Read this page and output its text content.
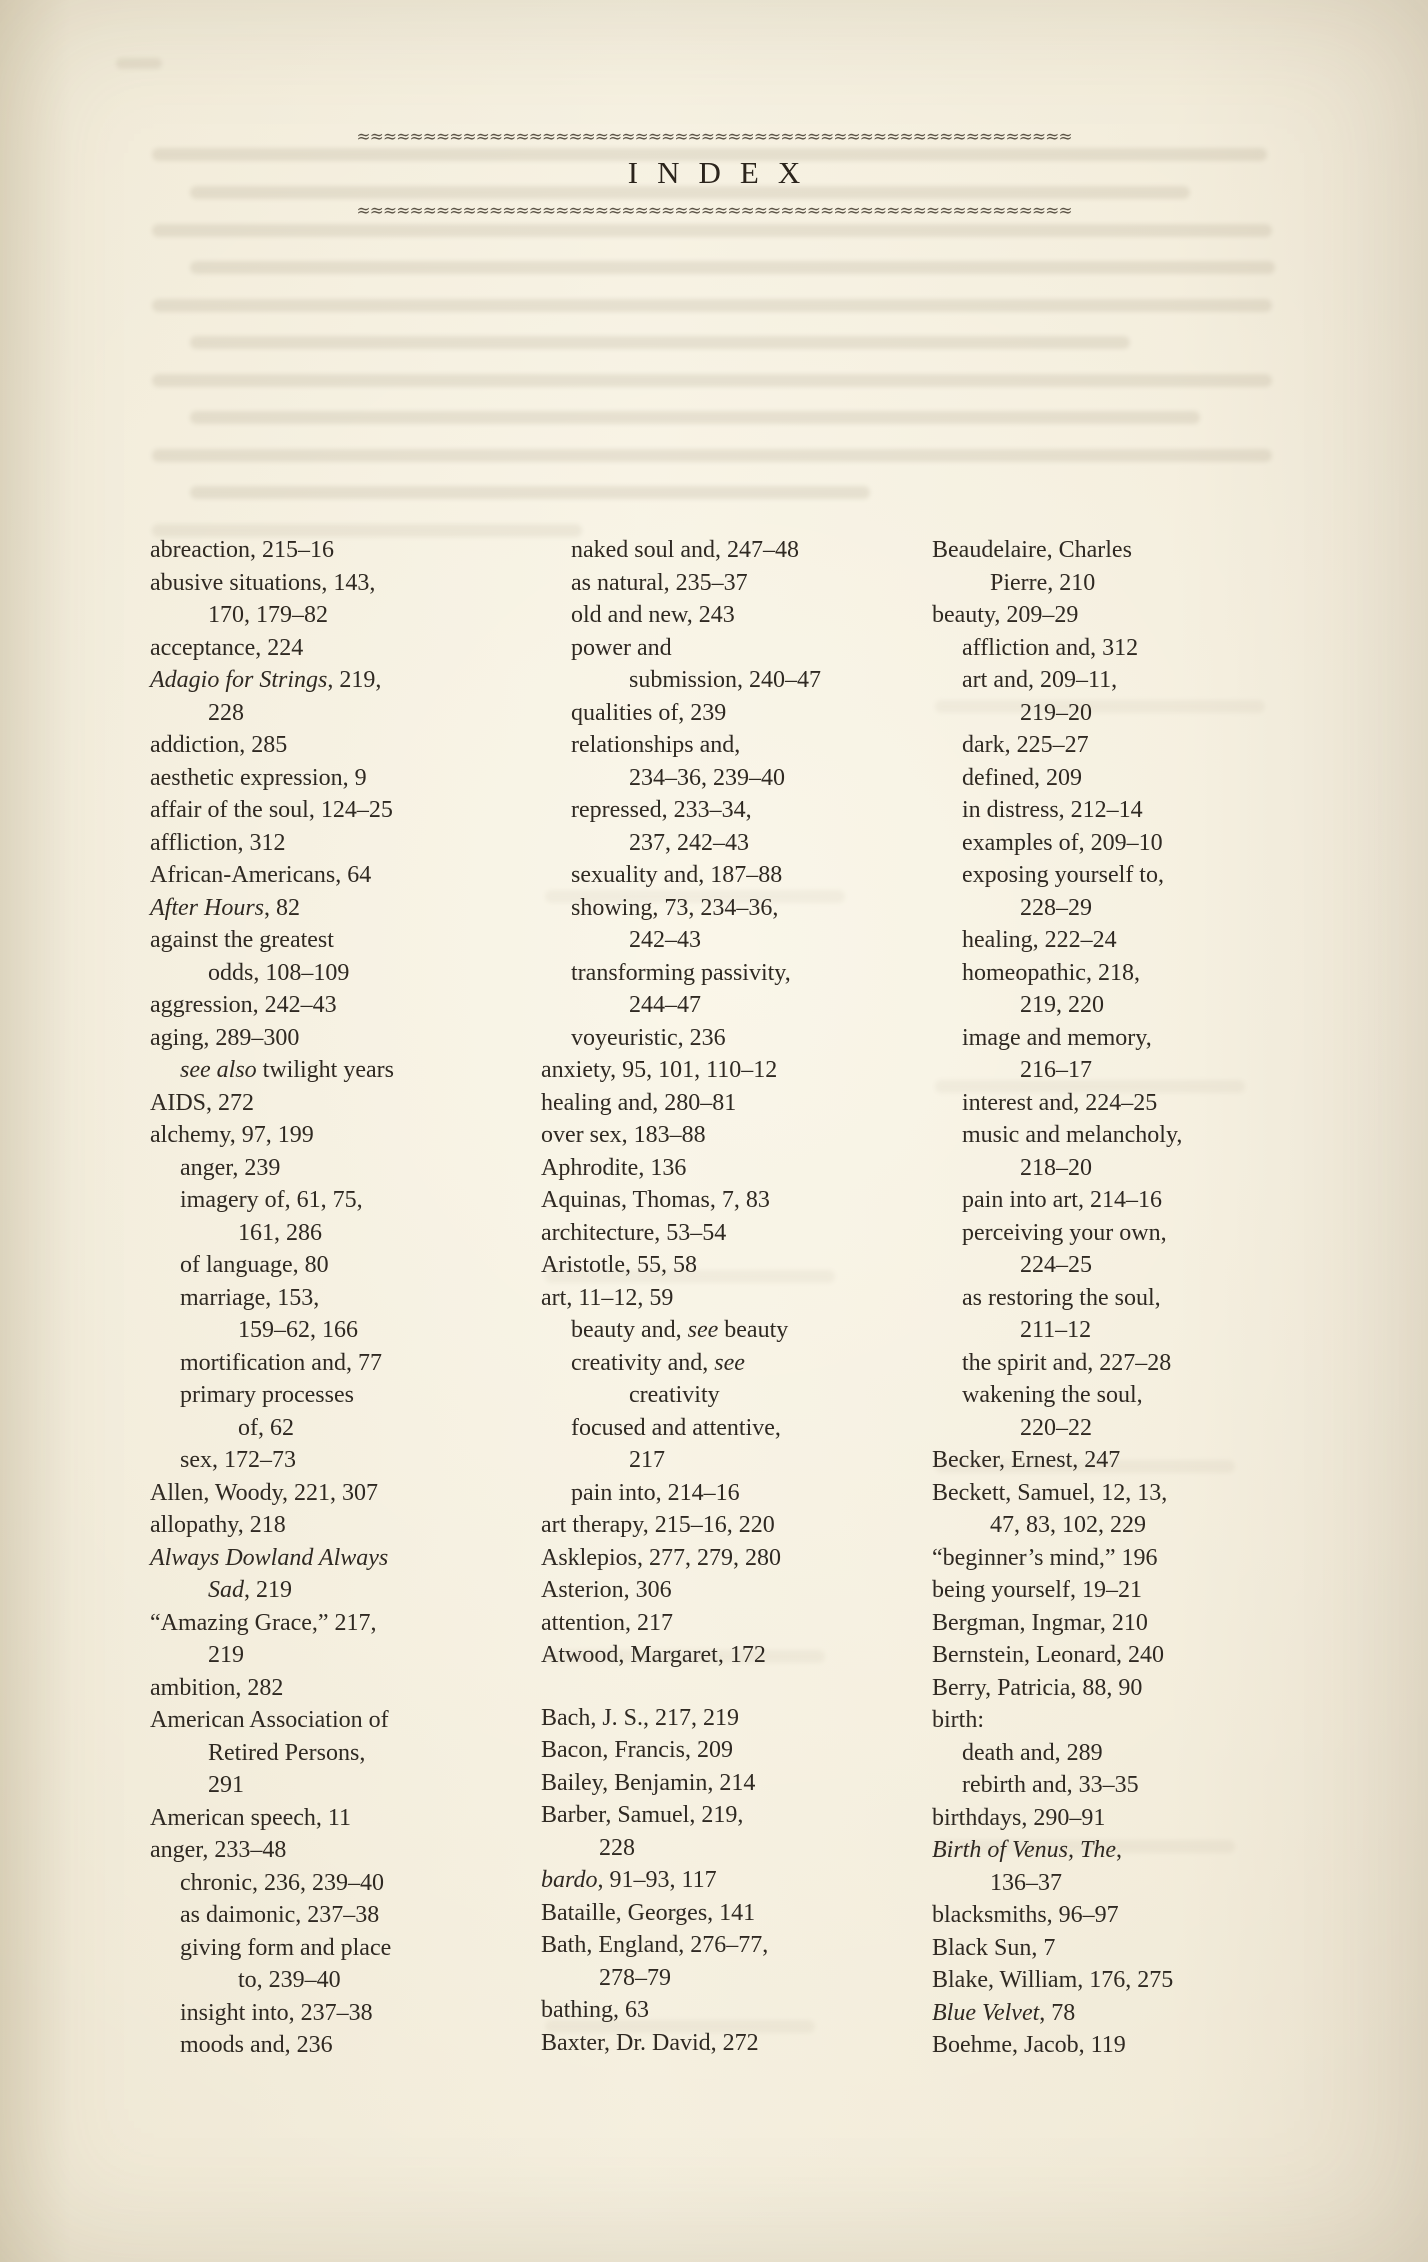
≈≈≈≈≈≈≈≈≈≈≈≈≈≈≈≈≈≈≈≈≈≈≈≈≈≈≈≈≈≈≈≈≈≈≈≈≈≈≈≈≈≈≈≈≈≈≈≈≈≈≈≈≈≈
INDEX
≈≈≈≈≈≈≈≈≈≈≈≈≈≈≈≈≈≈≈≈≈≈≈≈≈≈≈≈≈≈≈≈≈≈≈≈≈≈≈≈≈≈≈≈≈≈≈≈≈≈≈≈≈≈
abreaction, 215–16
abusive situations, 143,
170, 179–82
acceptance, 224
Adagio for Strings, 219,
228
addiction, 285
aesthetic expression, 9
affair of the soul, 124–25
affliction, 312
African-Americans, 64
After Hours, 82
against the greatest
odds, 108–109
aggression, 242–43
aging, 289–300
see also twilight years
AIDS, 272
alchemy, 97, 199
anger, 239
imagery of, 61, 75,
161, 286
of language, 80
marriage, 153,
159–62, 166
mortification and, 77
primary processes
of, 62
sex, 172–73
Allen, Woody, 221, 307
allopathy, 218
Always Dowland Always
Sad, 219
“Amazing Grace,” 217,
219
ambition, 282
American Association of
Retired Persons,
291
American speech, 11
anger, 233–48
chronic, 236, 239–40
as daimonic, 237–38
giving form and place
to, 239–40
insight into, 237–38
moods and, 236
naked soul and, 247–48
as natural, 235–37
old and new, 243
power and
submission, 240–47
qualities of, 239
relationships and,
234–36, 239–40
repressed, 233–34,
237, 242–43
sexuality and, 187–88
showing, 73, 234–36,
242–43
transforming passivity,
244–47
voyeuristic, 236
anxiety, 95, 101, 110–12
healing and, 280–81
over sex, 183–88
Aphrodite, 136
Aquinas, Thomas, 7, 83
architecture, 53–54
Aristotle, 55, 58
art, 11–12, 59
beauty and, see beauty
creativity and, see
creativity
focused and attentive,
217
pain into, 214–16
art therapy, 215–16, 220
Asklepios, 277, 279, 280
Asterion, 306
attention, 217
Atwood, Margaret, 172
Bach, J. S., 217, 219
Bacon, Francis, 209
Bailey, Benjamin, 214
Barber, Samuel, 219,
228
bardo, 91–93, 117
Bataille, Georges, 141
Bath, England, 276–77,
278–79
bathing, 63
Baxter, Dr. David, 272
Beaudelaire, Charles
Pierre, 210
beauty, 209–29
affliction and, 312
art and, 209–11,
219–20
dark, 225–27
defined, 209
in distress, 212–14
examples of, 209–10
exposing yourself to,
228–29
healing, 222–24
homeopathic, 218,
219, 220
image and memory,
216–17
interest and, 224–25
music and melancholy,
218–20
pain into art, 214–16
perceiving your own,
224–25
as restoring the soul,
211–12
the spirit and, 227–28
wakening the soul,
220–22
Becker, Ernest, 247
Beckett, Samuel, 12, 13,
47, 83, 102, 229
“beginner’s mind,” 196
being yourself, 19–21
Bergman, Ingmar, 210
Bernstein, Leonard, 240
Berry, Patricia, 88, 90
birth:
death and, 289
rebirth and, 33–35
birthdays, 290–91
Birth of Venus, The,
136–37
blacksmiths, 96–97
Black Sun, 7
Blake, William, 176, 275
Blue Velvet, 78
Boehme, Jacob, 119
